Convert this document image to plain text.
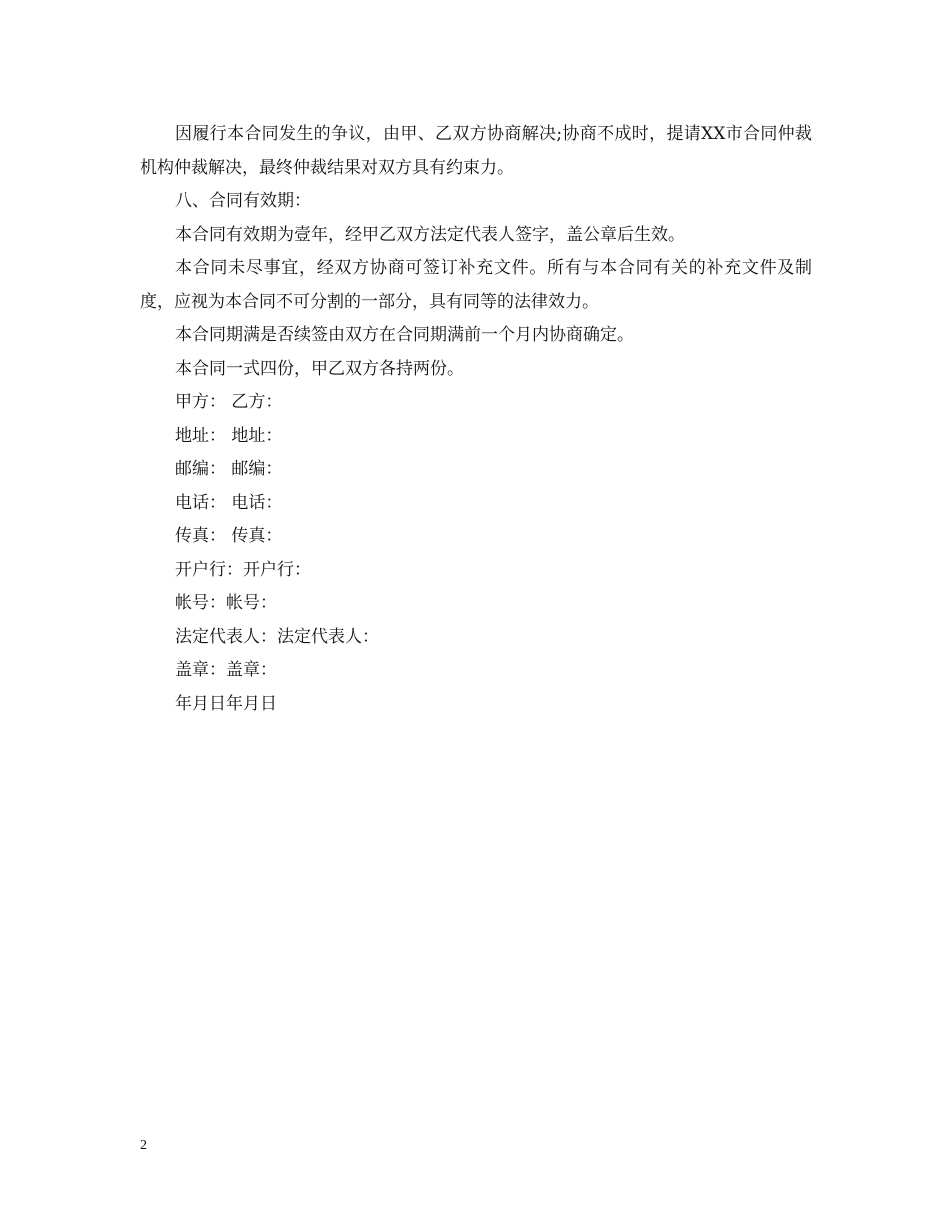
因履行本合同发生的争议，由甲、乙双方协商解决;协商不成时，提请XX市合同仲裁机构仲裁解决，最终仲裁结果对双方具有约束力。

八、合同有效期：

本合同有效期为壹年，经甲乙双方法定代表人签字，盖公章后生效。

本合同未尽事宜，经双方协商可签订补充文件。所有与本合同有关的补充文件及制度，应视为本合同不可分割的一部分，具有同等的法律效力。

本合同期满是否续签由双方在合同期满前一个月内协商确定。

本合同一式四份，甲乙双方各持两份。

甲方： 乙方：

地址： 地址：

邮编： 邮编：

电话： 电话：

传真： 传真：

开户行：开户行：

帐号：帐号：

法定代表人：法定代表人：

盖章：盖章：

年月日年月日

2
